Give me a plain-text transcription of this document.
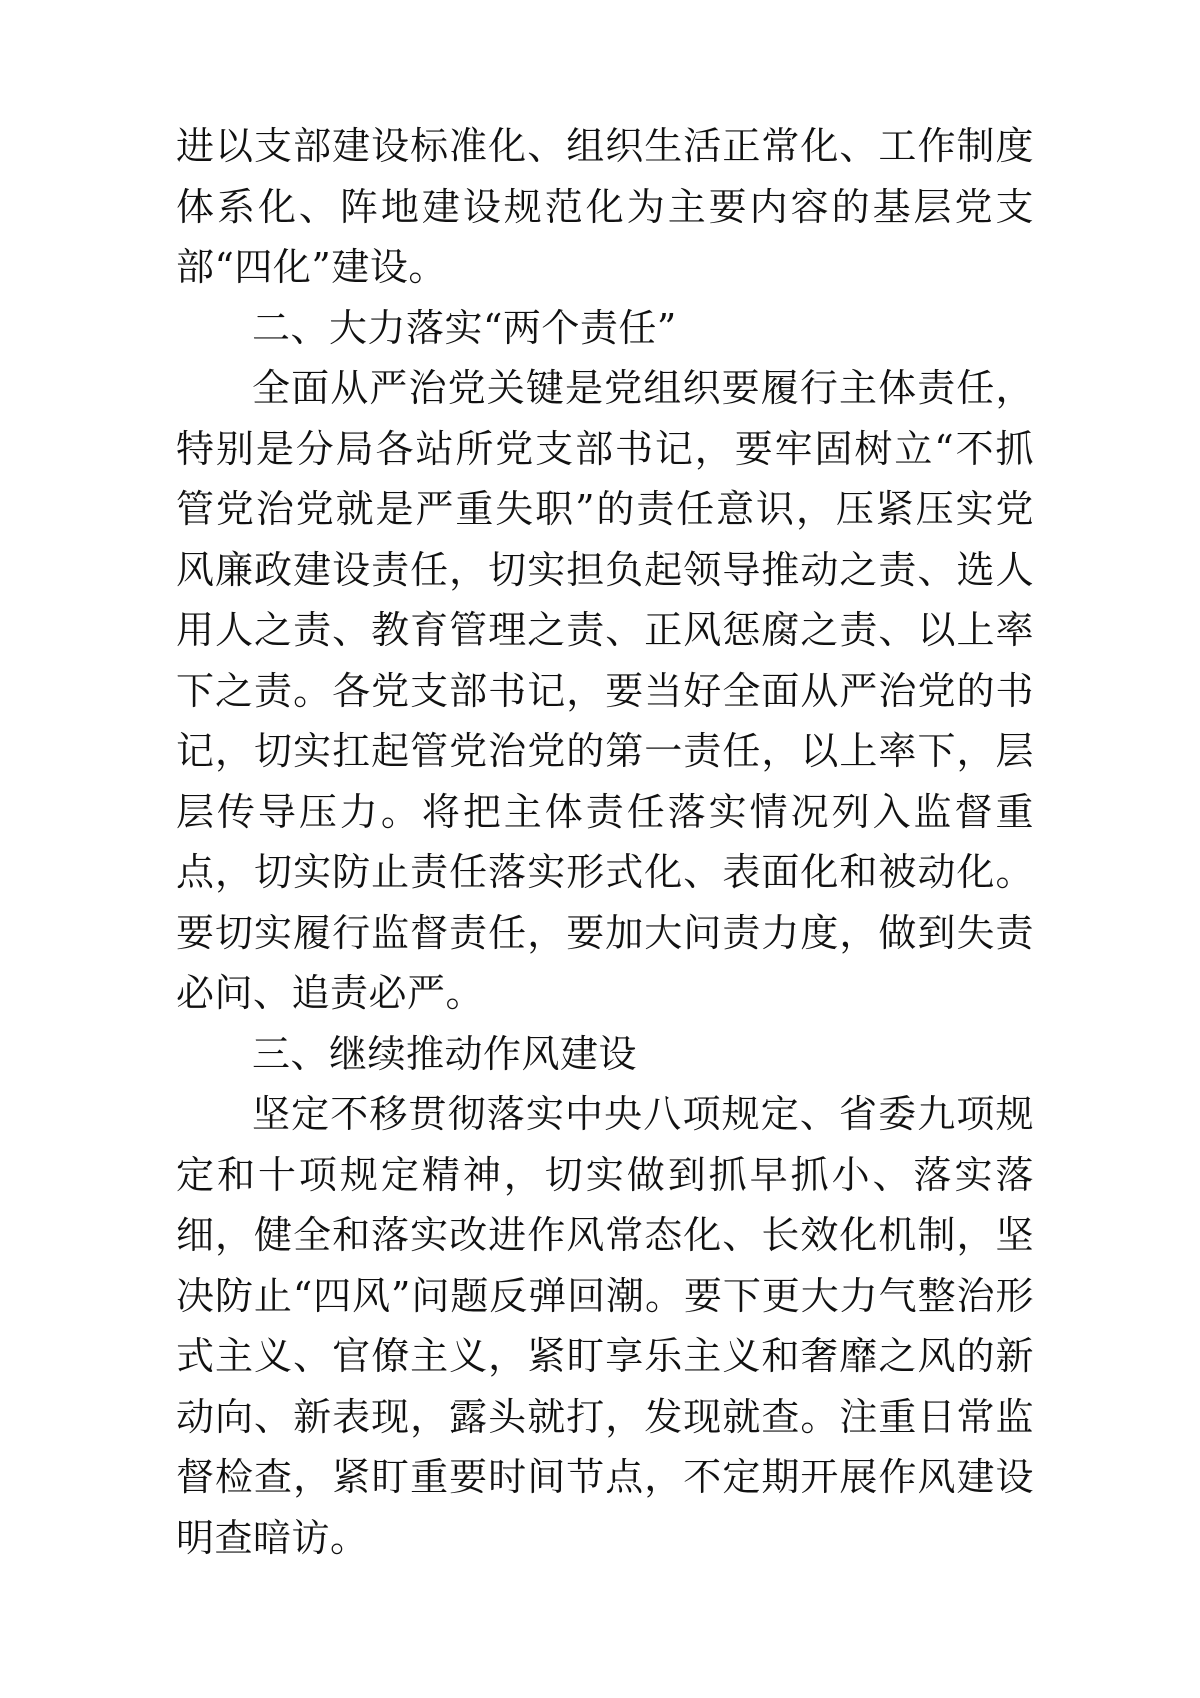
进以支部建设标准化、组织生活正常化、工作制度体系化、阵地建设规范化为主要内容的基层党支部“四化”建设。

二、大力落实“两个责任”

全面从严治党关键是党组织要履行主体责任，特别是分局各站所党支部书记，要牢固树立“不抓管党治党就是严重失职”的责任意识，压紧压实党风廉政建设责任，切实担负起领导推动之责、选人用人之责、教育管理之责、正风惩腐之责、以上率下之责。各党支部书记，要当好全面从严治党的书记，切实扛起管党治党的第一责任，以上率下，层层传导压力。将把主体责任落实情况列入监督重点，切实防止责任落实形式化、表面化和被动化。要切实履行监督责任，要加大问责力度，做到失责必问、追责必严。

三、继续推动作风建设

坚定不移贯彻落实中央八项规定、省委九项规定和十项规定精神，切实做到抓早抓小、落实落细，健全和落实改进作风常态化、长效化机制，坚决防止“四风”问题反弹回潮。要下更大力气整治形式主义、官僚主义，紧盯享乐主义和奢靡之风的新动向、新表现，露头就打，发现就查。注重日常监督检查，紧盯重要时间节点，不定期开展作风建设明查暗访。
